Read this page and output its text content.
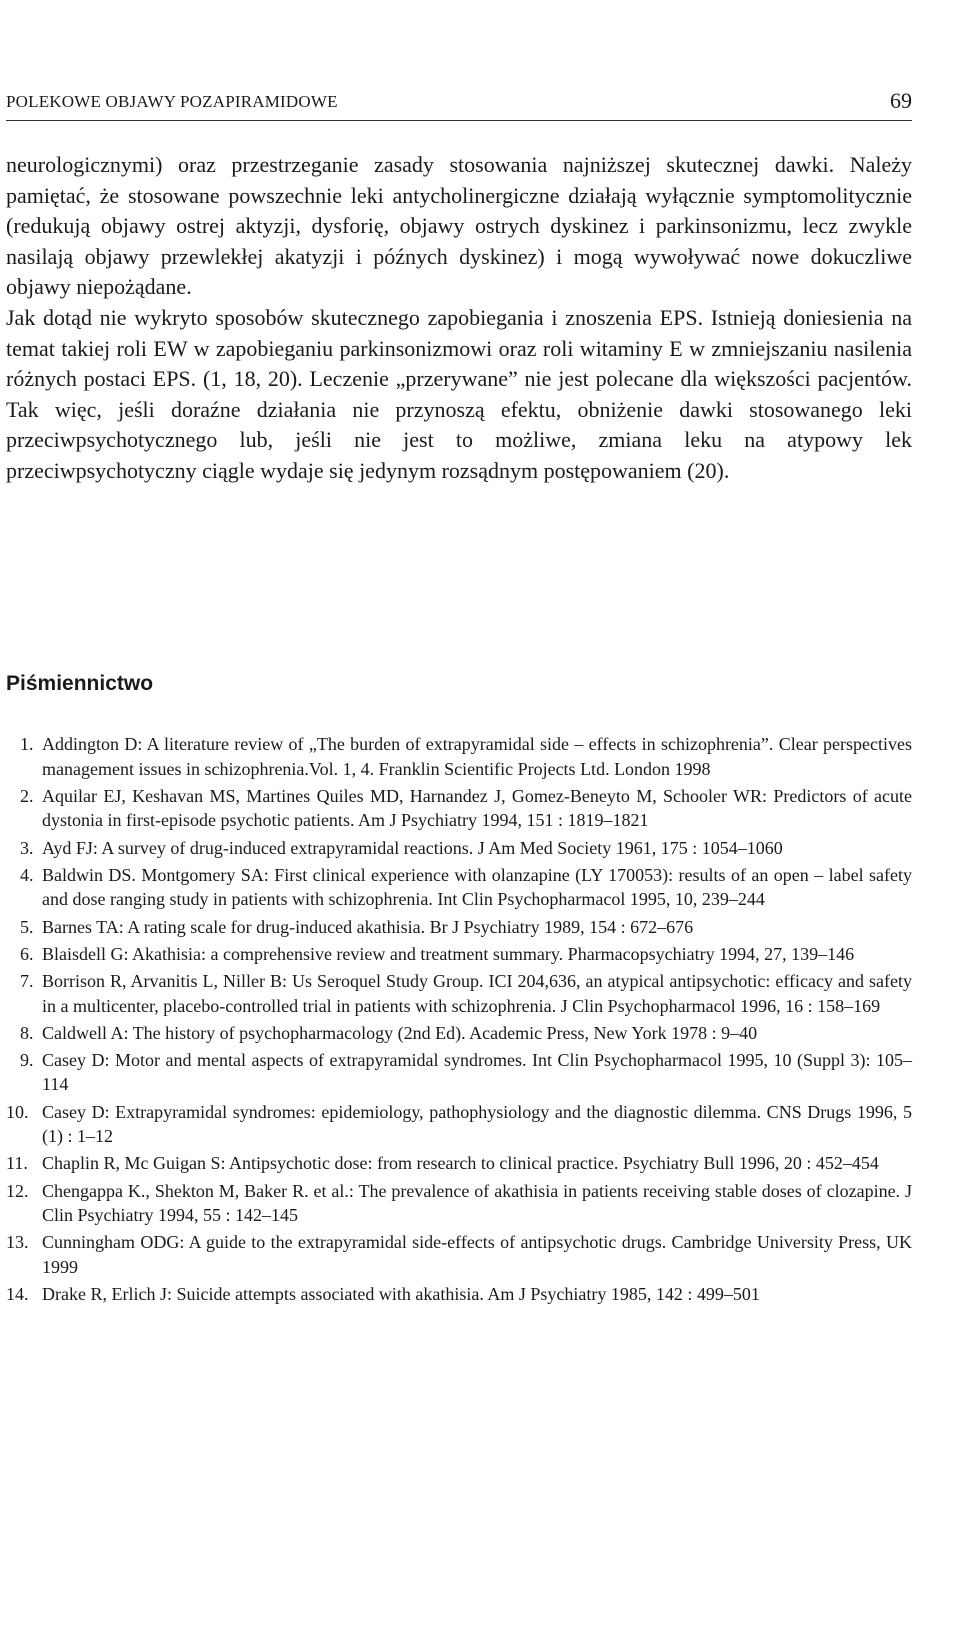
POLEKOWE OBJAWY POZAPIRAMIDOWE	69

neurologicznymi) oraz przestrzeganie zasady stosowania najniższej skutecznej dawki. Należy pamiętać, że stosowane powszechnie leki antycholinergiczne działają wyłącznie symptomolitycznie (redukują objawy ostrej aktyzji, dysforię, objawy ostrych dyskinez i parkinsonizmu, lecz zwykle nasilają objawy przewlekłej akatyzji i późnych dyskinez) i mogą wywoływać nowe dokuczliwe objawy niepożądane.

Jak dotąd nie wykryto sposobów skutecznego zapobiegania i znoszenia EPS. Istnieją doniesienia na temat takiej roli EW w zapobieganiu parkinsonizmowi oraz roli witaminy E w zmniejszaniu nasilenia różnych postaci EPS. (1, 18, 20). Leczenie „przerywane” nie jest polecane dla większości pacjentów. Tak więc, jeśli doraźne działania nie przynoszą efektu, obniżenie dawki stosowanego leki przeciwpsychotycznego lub, jeśli nie jest to możliwe, zmiana leku na atypowy lek przeciwpsychotyczny ciągle wydaje się jedynym rozsądnym postępowaniem (20).

Piśmiennictwo
1. Addington D: A literature review of „The burden of extrapyramidal side – effects in schizophrenia”. Clear perspectives management issues in schizophrenia.Vol. 1, 4. Franklin Scientific Projects Ltd. London 1998
2. Aquilar EJ, Keshavan MS, Martines Quiles MD, Harnandez J, Gomez-Beneyto M, Schooler WR: Predictors of acute dystonia in first-episode psychotic patients. Am J Psychiatry 1994, 151 : 1819–1821
3. Ayd FJ: A survey of drug-induced extrapyramidal reactions. J Am Med Society 1961, 175 : 1054–1060
4. Baldwin DS. Montgomery SA: First clinical experience with olanzapine (LY 170053): results of an open – label safety and dose ranging study in patients with schizophrenia. Int Clin Psychopharmacol 1995, 10, 239–244
5. Barnes TA: A rating scale for drug-induced akathisia. Br J Psychiatry 1989, 154 : 672–676
6. Blaisdell G: Akathisia: a comprehensive review and treatment summary. Pharmacopsychiatry 1994, 27, 139–146
7. Borrison R, Arvanitis L, Niller B: Us Seroquel Study Group. ICI 204,636, an atypical antipsychotic: efficacy and safety in a multicenter, placebo-controlled trial in patients with schizophrenia. J Clin Psychopharmacol 1996, 16 : 158–169
8. Caldwell A: The history of psychopharmacology (2nd Ed). Academic Press, New York 1978 : 9–40
9. Casey D: Motor and mental aspects of extrapyramidal syndromes. Int Clin Psychopharmacol 1995, 10 (Suppl 3): 105–114
10. Casey D: Extrapyramidal syndromes: epidemiology, pathophysiology and the diagnostic dilemma. CNS Drugs 1996, 5 (1) : 1–12
11. Chaplin R, Mc Guigan S: Antipsychotic dose: from research to clinical practice. Psychiatry Bull 1996, 20 : 452–454
12. Chengappa K., Shekton M, Baker R. et al.: The prevalence of akathisia in patients receiving stable doses of clozapine. J Clin Psychiatry 1994, 55 : 142–145
13. Cunningham ODG: A guide to the extrapyramidal side-effects of antipsychotic drugs. Cambridge University Press, UK 1999
14. Drake R, Erlich J: Suicide attempts associated with akathisia. Am J Psychiatry 1985, 142 : 499–501
